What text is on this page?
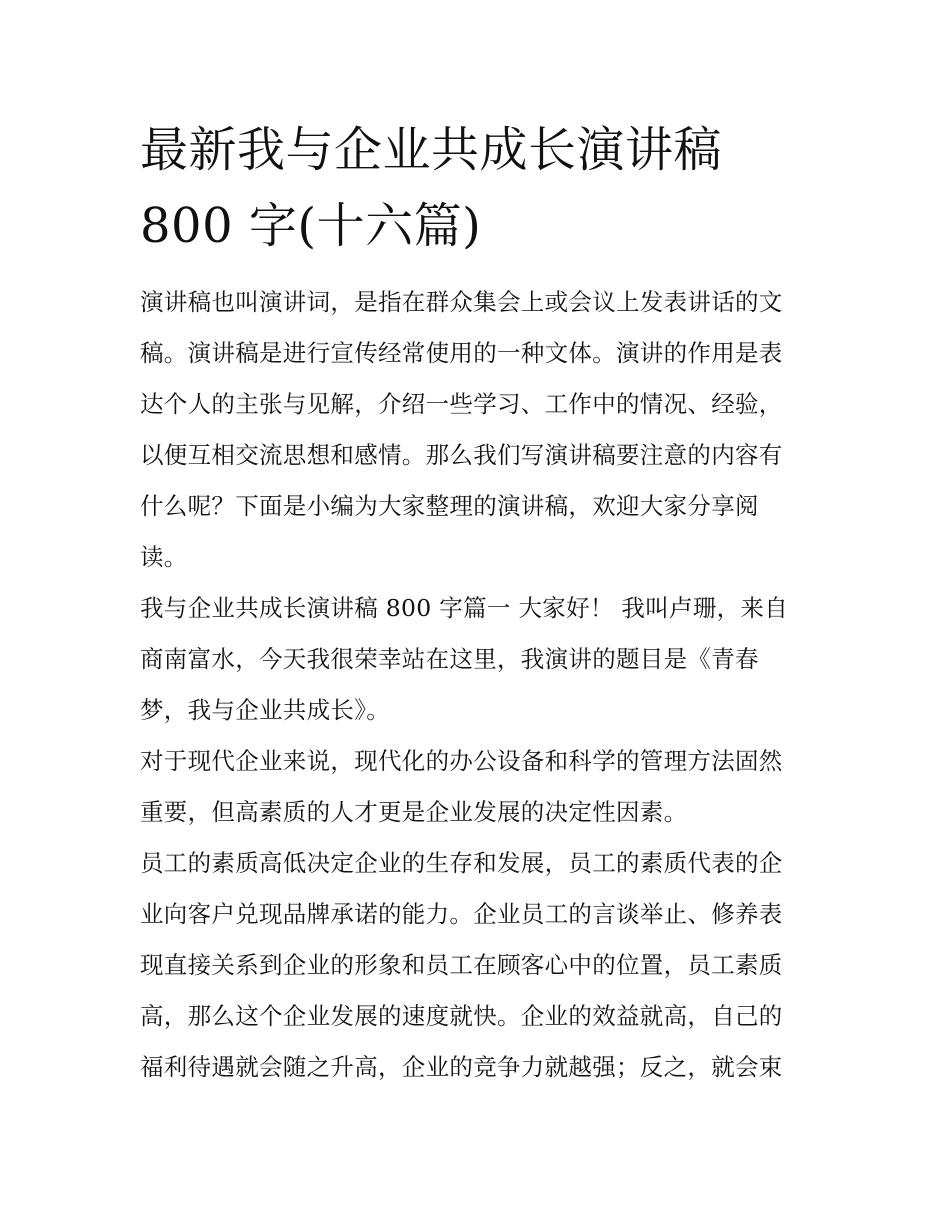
最新我与企业共成长演讲稿
800 字(十六篇)

演讲稿也叫演讲词，是指在群众集会上或会议上发表讲话的文
稿。演讲稿是进行宣传经常使用的一种文体。演讲的作用是表
达个人的主张与见解，介绍一些学习、工作中的情况、经验，
以便互相交流思想和感情。那么我们写演讲稿要注意的内容有
什么呢？下面是小编为大家整理的演讲稿，欢迎大家分享阅
读。

我与企业共成长演讲稿 800 字篇一 大家好！ 我叫卢珊，来自
商南富水，今天我很荣幸站在这里，我演讲的题目是《青春
梦，我与企业共成长》。

对于现代企业来说，现代化的办公设备和科学的管理方法固然
重要，但高素质的人才更是企业发展的决定性因素。

员工的素质高低决定企业的生存和发展，员工的素质代表的企
业向客户兑现品牌承诺的能力。企业员工的言谈举止、修养表
现直接关系到企业的形象和员工在顾客心中的位置，员工素质
高，那么这个企业发展的速度就快。企业的效益就高，自己的
福利待遇就会随之升高，企业的竞争力就越强；反之，就会束
